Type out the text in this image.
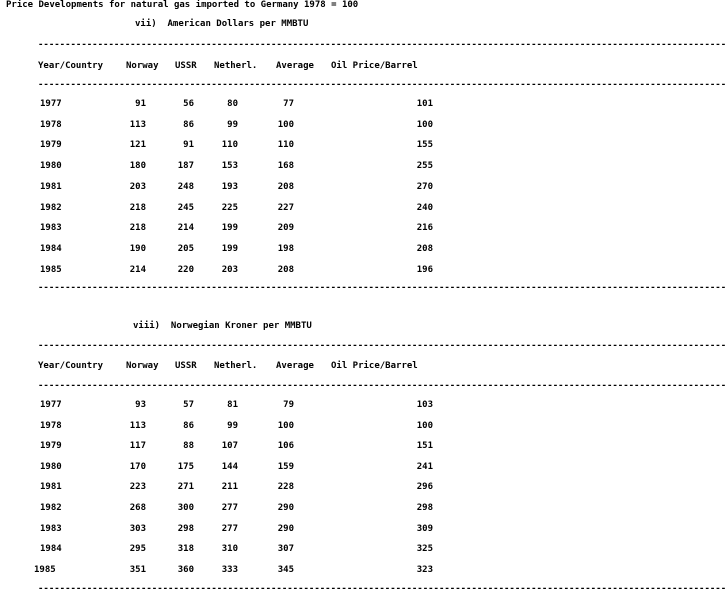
Price Developments for natural gas imported to Germany 1978 = 100
vii)  American Dollars per MMBTU
-------------------------------------------------------------------------------------------------------------------------------
Year/Country	Norway USSR Netherl. Average Oil Price/Barrel
-------------------------------------------------------------------------------------------------------------------------------
1977	91	56	80	77	101
1978	113	86	99	100	100
1979	121	91	110	110	155
1980	180	187	153	168	255
1981	203	248	193	208	270
1982	218	245	225	227	240
1983	218	214	199	209	216
1984	190	205	199	198	208
1985	214	220	203	208	196
-------------------------------------------------------------------------------------------------------------------------------
viii)  Norwegian Kroner per MMBTU
-------------------------------------------------------------------------------------------------------------------------------
Year/Country	Norway USSR Netherl. Average Oil Price/Barrel
-------------------------------------------------------------------------------------------------------------------------------
1977	93	57	81	79	103
1978	113	86	99	100	100
1979	117	88	107	106	151
1980	170	175	144	159	241
1981	223	271	211	228	296
1982	268	300	277	290	298
1983	303	298	277	290	309
1984	295	318	310	307	325
1985	351	360	333	345	323
-------------------------------------------------------------------------------------------------------------------------------
